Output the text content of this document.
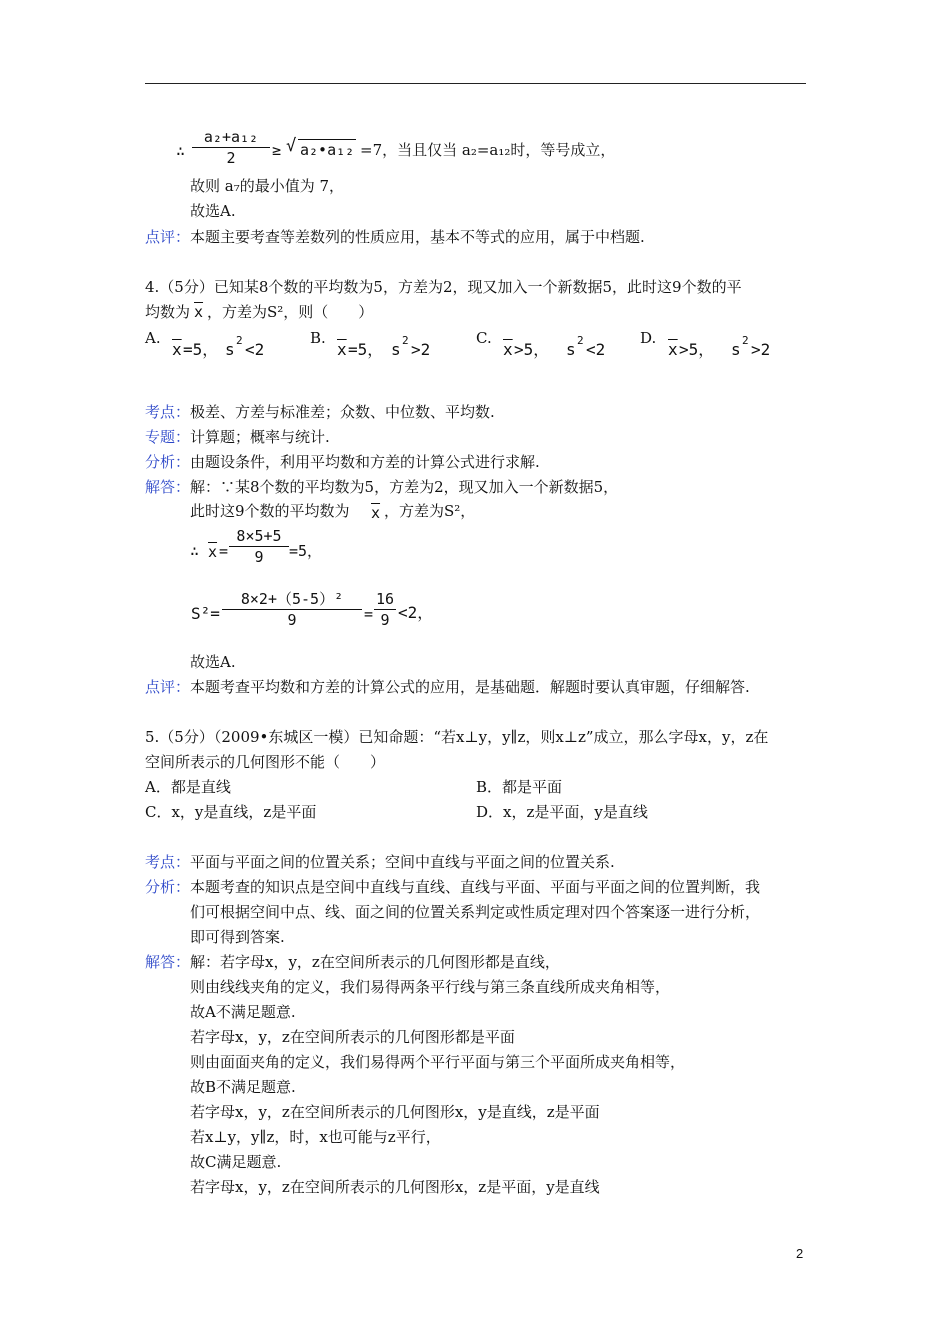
∴
a₂+a₁₂
2	≥ √ a₂•a₁₂ =7，当且仅当 a₂=a₁₂时，等号成立，
故则 a₇的最小值为 7，
故选A.
点评： 本题主要考查等差数列的性质应用，基本不等式的应用，属于中档题.
4.（5分）已知某8个数的平均数为5，方差为2，现又加入一个新数据5，此时这9个数的平
均数为 $\overline{x}$ ，方差为S²，则（　　）
A.
$\overline{x} =5$， s 2 <2
B.
$\overline{x} =5$， s 2 >2
C.
$\overline{x} >5$， s 2 <2
D.
$\overline{x} >5$， s 2 >2
考点： 极差、方差与标准差；众数、中位数、平均数.
专题： 计算题；概率与统计.
分析： 由题设条件，利用平均数和方差的计算公式进行求解.
解答： 解：∵某8个数的平均数为5，方差为2，现又加入一个新数据5，
此时这9个数的平均数为 $\overline{x}$ ，方差为S²，
∴ $\overline{x}$ =
8×5+5
9	=5，
S²=
8×2+（5-5）²
9	=
16
9 <2，
故选A.
点评： 本题考查平均数和方差的计算公式的应用，是基础题．解题时要认真审题，仔细解答.
5.（5分）（2009•东城区一模）已知命题：“若x⊥y，y∥z，则x⊥z”成立，那么字母x，y，z在
空间所表示的几何图形不能（　　）
A．都是直线	B．都是平面
C．x，y是直线，z是平面	D．x，z是平面，y是直线
考点： 平面与平面之间的位置关系；空间中直线与平面之间的位置关系.
分析： 本题考查的知识点是空间中直线与直线、直线与平面、平面与平面之间的位置判断，我
们可根据空间中点、线、面之间的位置关系判定或性质定理对四个答案逐一进行分析，
即可得到答案.
解答： 解：若字母x，y，z在空间所表示的几何图形都是直线，
则由线线夹角的定义，我们易得两条平行线与第三条直线所成夹角相等，
故A不满足题意.
若字母x，y，z在空间所表示的几何图形都是平面
则由面面夹角的定义，我们易得两个平行平面与第三个平面所成夹角相等，
故B不满足题意.
若字母x，y，z在空间所表示的几何图形x，y是直线，z是平面
若x⊥y，y∥z，时，x也可能与z平行，
故C满足题意.
若字母x，y，z在空间所表示的几何图形x，z是平面，y是直线
2
